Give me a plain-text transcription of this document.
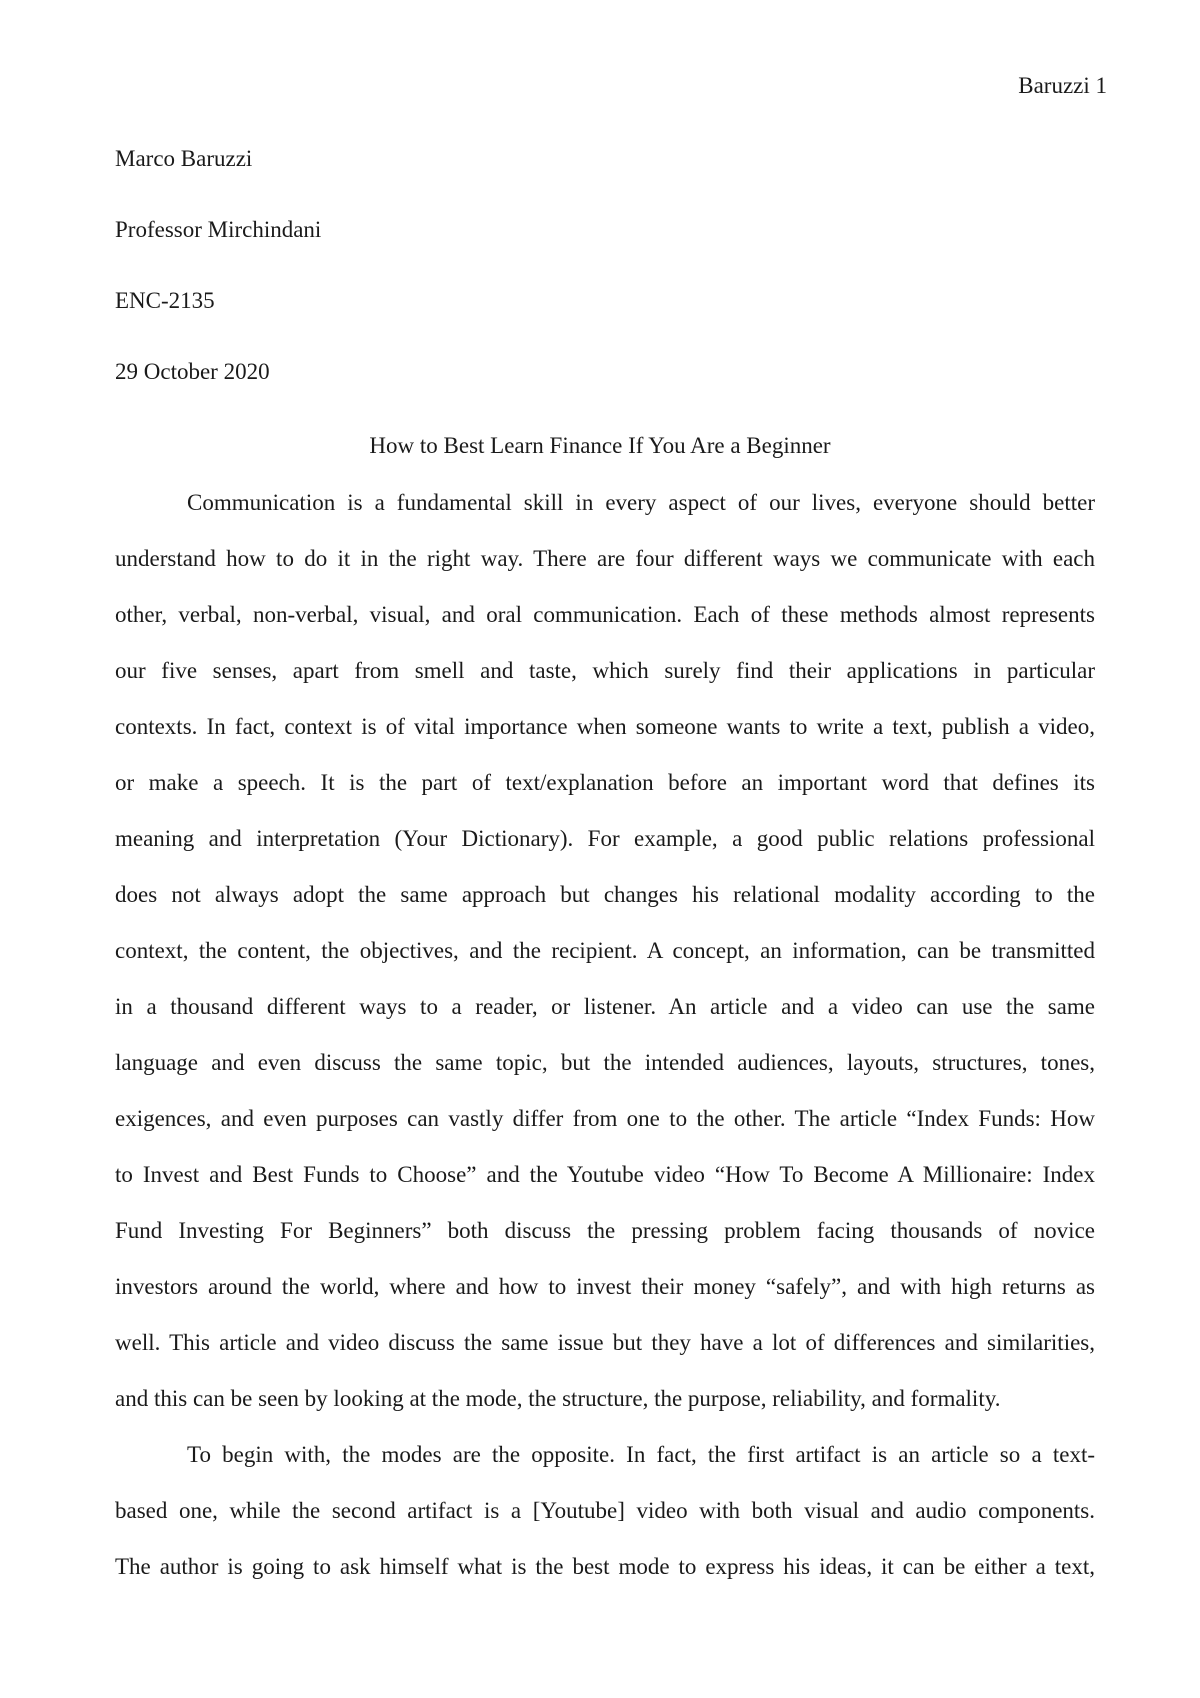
Baruzzi 1
Marco Baruzzi
Professor Mirchindani
ENC-2135
29 October 2020
How to Best Learn Finance If You Are a Beginner
Communication is a fundamental skill in every aspect of our lives, everyone should better
understand how to do it in the right way. There are four different ways we communicate with each
other, verbal, non-verbal, visual, and oral communication. Each of these methods almost represents
our five senses, apart from smell and taste, which surely find their applications in particular
contexts. In fact, context is of vital importance when someone wants to write a text, publish a video,
or make a speech. It is the part of text/explanation before an important word that defines its
meaning and interpretation (Your Dictionary). For example, a good public relations professional
does not always adopt the same approach but changes his relational modality according to the
context, the content, the objectives, and the recipient. A concept, an information, can be transmitted
in a thousand different ways to a reader, or listener. An article and a video can use the same
language and even discuss the same topic, but the intended audiences, layouts, structures, tones,
exigences, and even purposes can vastly differ from one to the other. The article “Index Funds: How
to Invest and Best Funds to Choose” and the Youtube video “How To Become A Millionaire: Index
Fund Investing For Beginners” both discuss the pressing problem facing thousands of novice
investors around the world, where and how to invest their money “safely”, and with high returns as
well. This article and video discuss the same issue but they have a lot of differences and similarities,
and this can be seen by looking at the mode, the structure, the purpose, reliability, and formality.
To begin with, the modes are the opposite. In fact, the first artifact is an article so a text-
based one, while the second artifact is a [Youtube] video with both visual and audio components.
The author is going to ask himself what is the best mode to express his ideas, it can be either a text,
